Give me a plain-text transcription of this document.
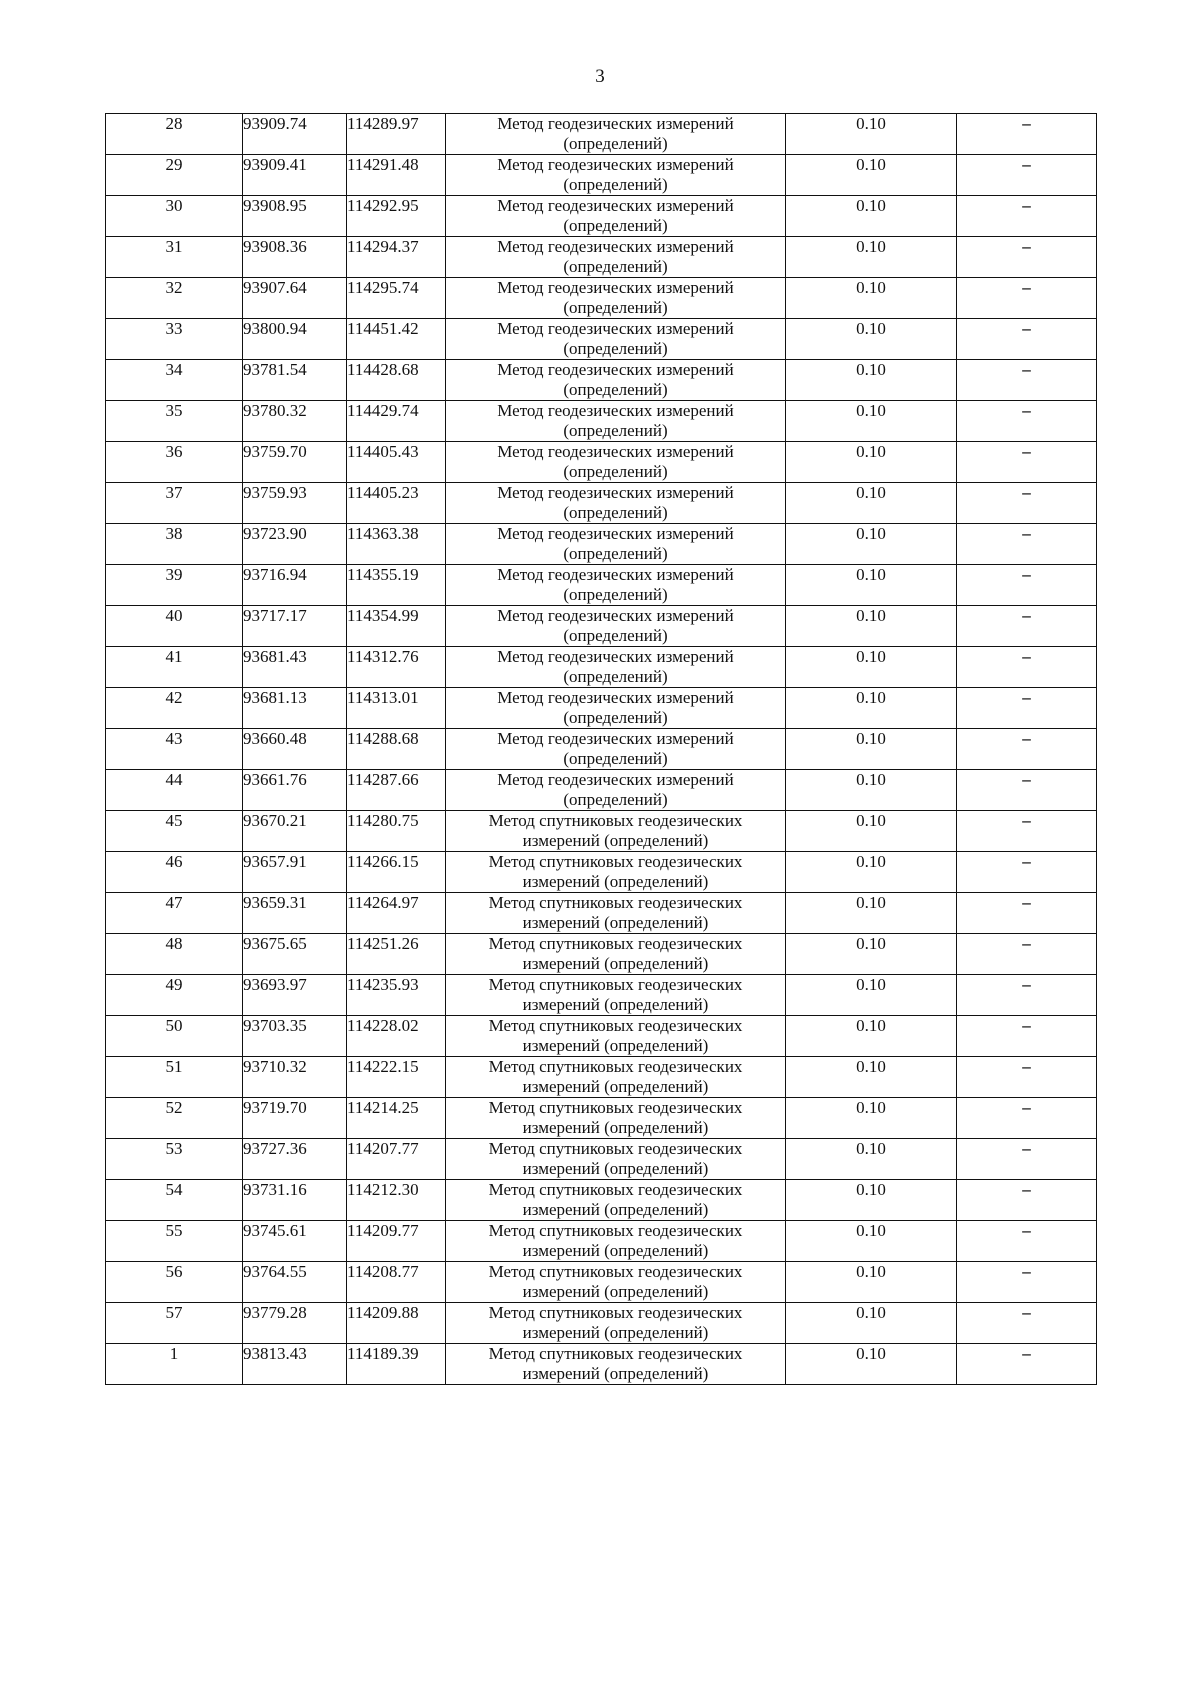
3
28	93909.74	114289.97	Метод геодезических измерений
(определений)	0.10	–
29	93909.41	114291.48	Метод геодезических измерений
(определений)	0.10	–
30	93908.95	114292.95	Метод геодезических измерений
(определений)	0.10	–
31	93908.36	114294.37	Метод геодезических измерений
(определений)	0.10	–
32	93907.64	114295.74	Метод геодезических измерений
(определений)	0.10	–
33	93800.94	114451.42	Метод геодезических измерений
(определений)	0.10	–
34	93781.54	114428.68	Метод геодезических измерений
(определений)	0.10	–
35	93780.32	114429.74	Метод геодезических измерений
(определений)	0.10	–
36	93759.70	114405.43	Метод геодезических измерений
(определений)	0.10	–
37	93759.93	114405.23	Метод геодезических измерений
(определений)	0.10	–
38	93723.90	114363.38	Метод геодезических измерений
(определений)	0.10	–
39	93716.94	114355.19	Метод геодезических измерений
(определений)	0.10	–
40	93717.17	114354.99	Метод геодезических измерений
(определений)	0.10	–
41	93681.43	114312.76	Метод геодезических измерений
(определений)	0.10	–
42	93681.13	114313.01	Метод геодезических измерений
(определений)	0.10	–
43	93660.48	114288.68	Метод геодезических измерений
(определений)	0.10	–
44	93661.76	114287.66	Метод геодезических измерений
(определений)	0.10	–
45	93670.21	114280.75	Метод спутниковых геодезических
измерений (определений)	0.10	–
46	93657.91	114266.15	Метод спутниковых геодезических
измерений (определений)	0.10	–
47	93659.31	114264.97	Метод спутниковых геодезических
измерений (определений)	0.10	–
48	93675.65	114251.26	Метод спутниковых геодезических
измерений (определений)	0.10	–
49	93693.97	114235.93	Метод спутниковых геодезических
измерений (определений)	0.10	–
50	93703.35	114228.02	Метод спутниковых геодезических
измерений (определений)	0.10	–
51	93710.32	114222.15	Метод спутниковых геодезических
измерений (определений)	0.10	–
52	93719.70	114214.25	Метод спутниковых геодезических
измерений (определений)	0.10	–
53	93727.36	114207.77	Метод спутниковых геодезических
измерений (определений)	0.10	–
54	93731.16	114212.30	Метод спутниковых геодезических
измерений (определений)	0.10	–
55	93745.61	114209.77	Метод спутниковых геодезических
измерений (определений)	0.10	–
56	93764.55	114208.77	Метод спутниковых геодезических
измерений (определений)	0.10	–
57	93779.28	114209.88	Метод спутниковых геодезических
измерений (определений)	0.10	–
1	93813.43	114189.39	Метод спутниковых геодезических
измерений (определений)	0.10	–
